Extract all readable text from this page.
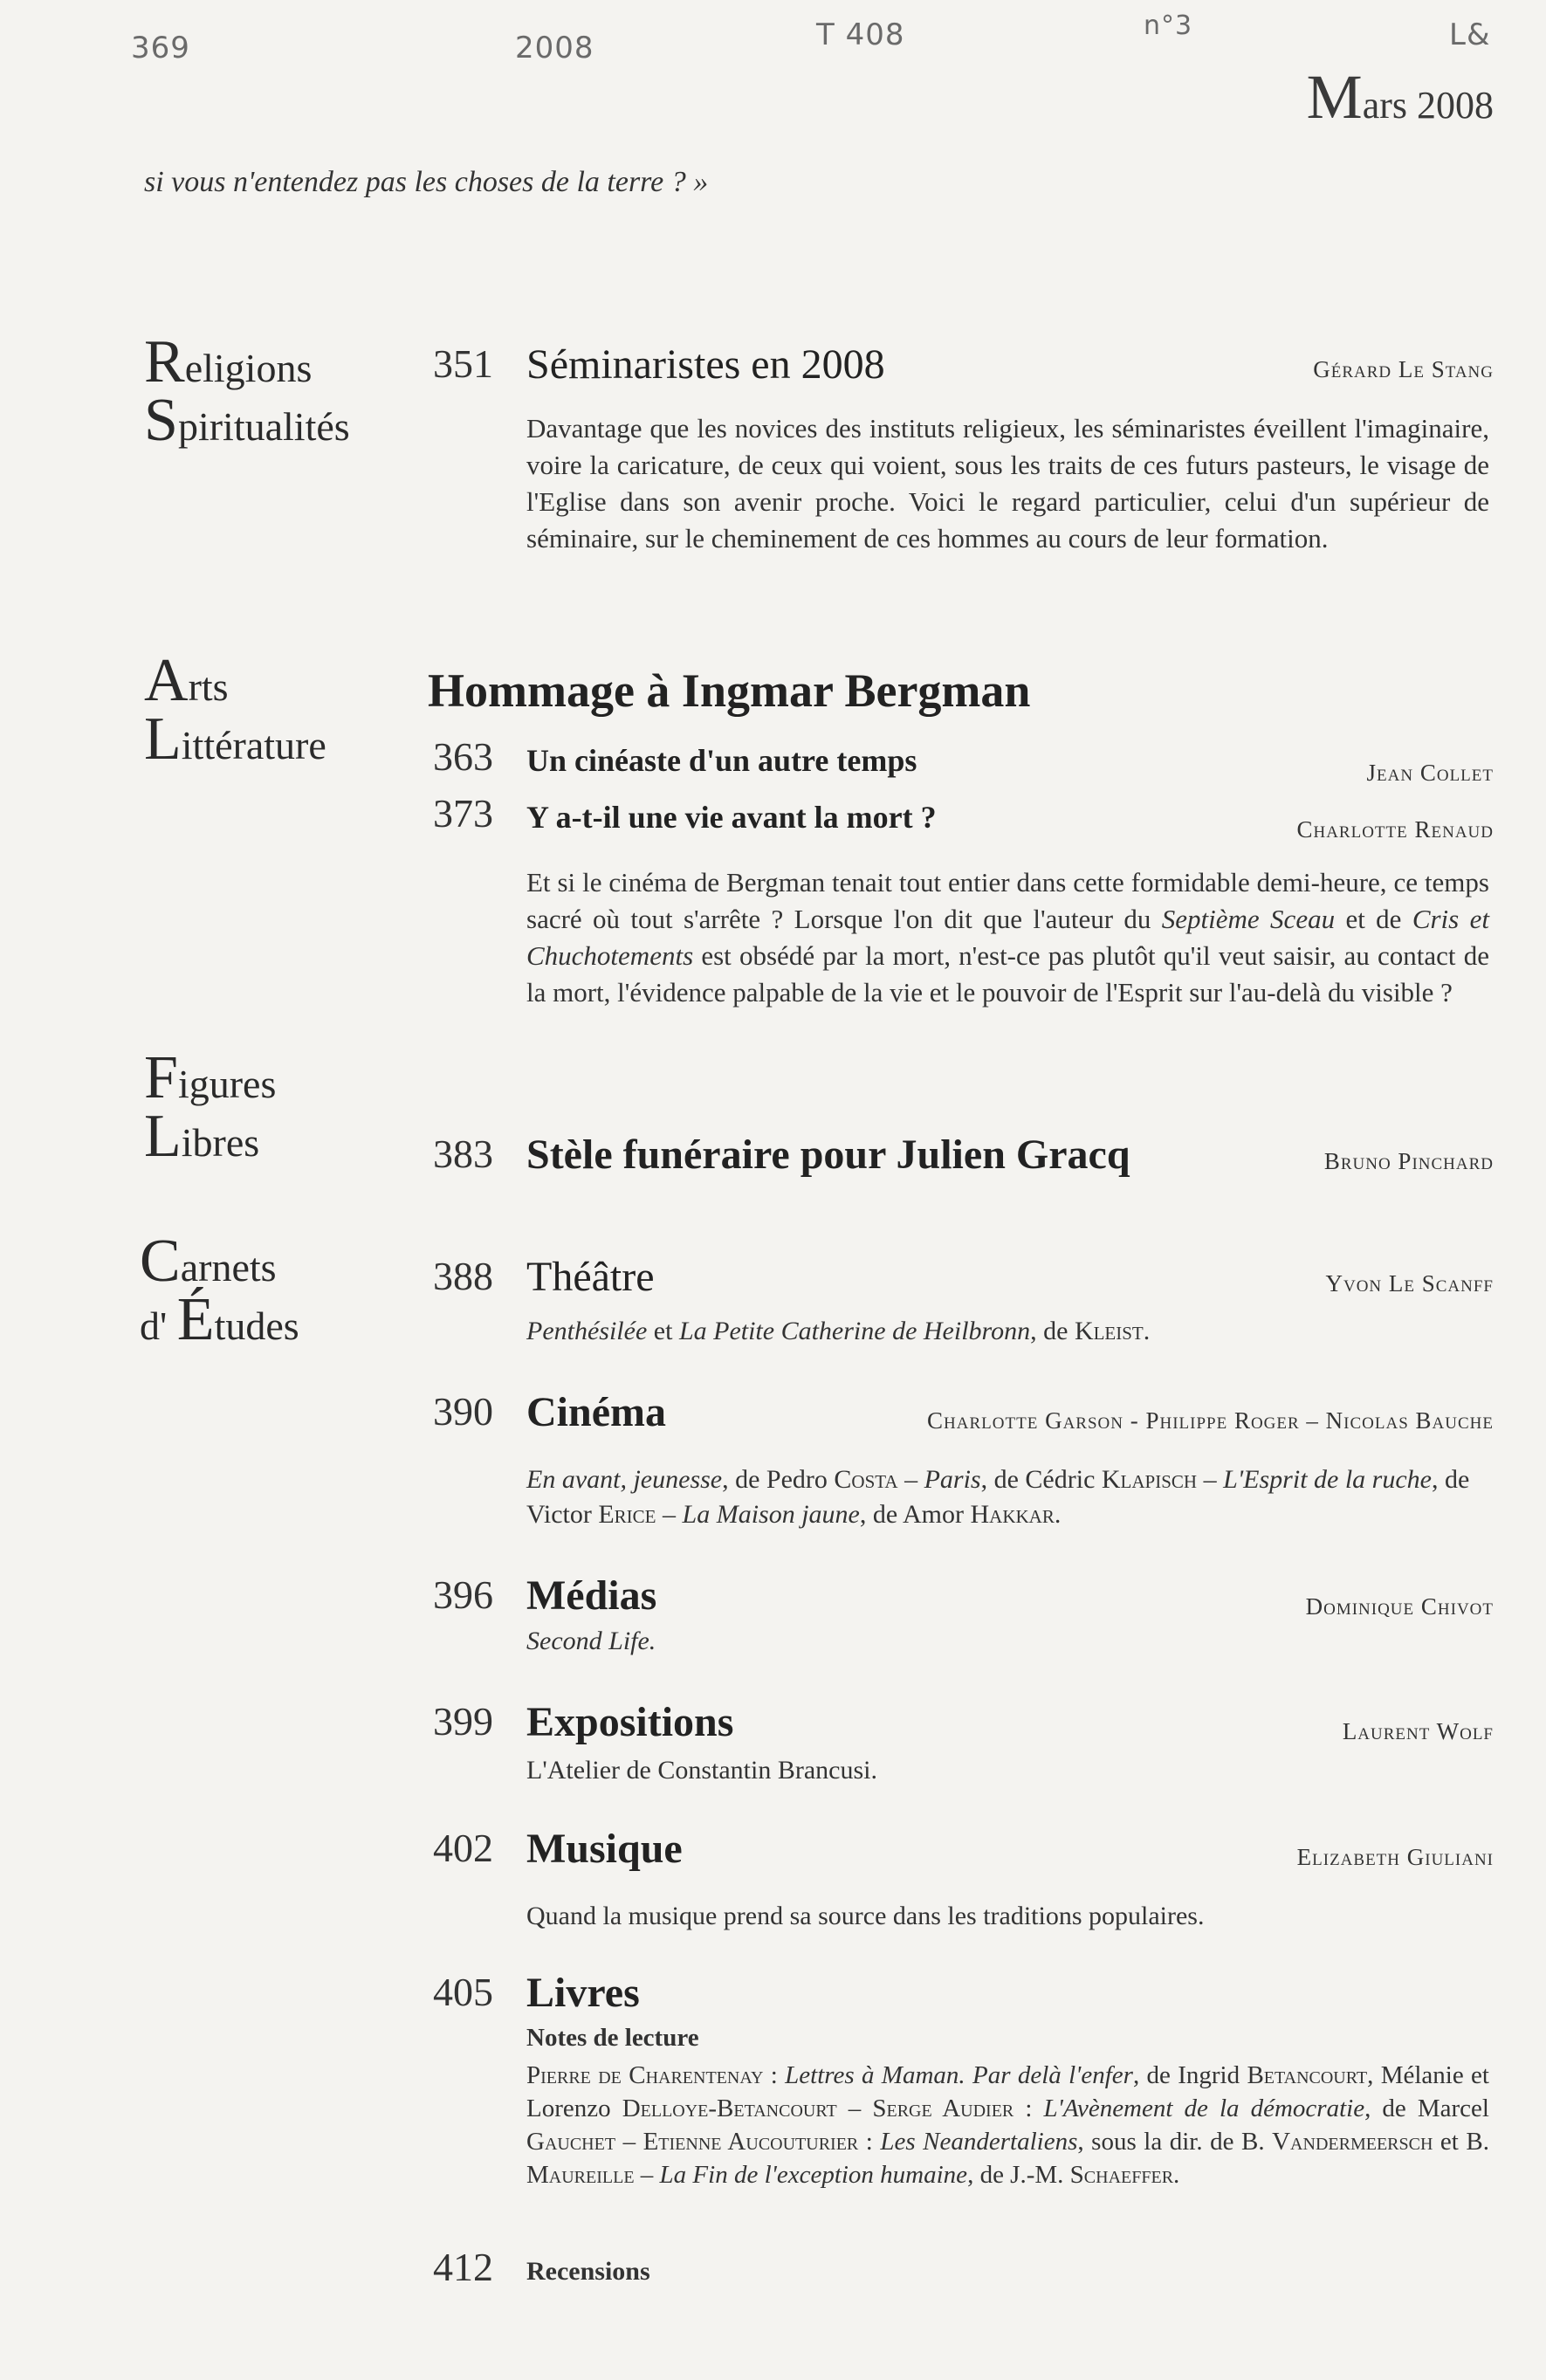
369	2008	T 408	n°3	L&
Mars 2008
si vous n'entendez pas les choses de la terre ? »
Religions
Spiritualités
Arts
Littérature
Figures
Libres
Carnets
d' Études
351 Séminaristes en 2008	Gérard Le Stang
Davantage que les novices des instituts religieux, les séminaristes éveillent l'imaginaire, voire la caricature, de ceux qui voient, sous les traits de ces futurs pasteurs, le visage de l'Eglise dans son avenir proche. Voici le regard particulier, celui d'un supérieur de séminaire, sur le cheminement de ces hommes au cours de leur formation.
Hommage à Ingmar Bergman
363 Un cinéaste d'un autre temps	Jean Collet
373 Y a-t-il une vie avant la mort ?	Charlotte Renaud
Et si le cinéma de Bergman tenait tout entier dans cette formidable demi-heure, ce temps sacré où tout s'arrête ? Lorsque l'on dit que l'auteur du Septième Sceau et de Cris et Chuchotements est obsédé par la mort, n'est-ce pas plutôt qu'il veut saisir, au contact de la mort, l'évidence palpable de la vie et le pouvoir de l'Esprit sur l'au-delà du visible ?
383 Stèle funéraire pour Julien Gracq	Bruno Pinchard
388 Théâtre	Yvon Le Scanff
Penthésilée et La Petite Catherine de Heilbronn, de Kleist.
390 Cinéma	Charlotte Garson - Philippe Roger – Nicolas Bauche
En avant, jeunesse, de Pedro Costa – Paris, de Cédric Klapisch – L'Esprit de la ruche, de Victor Erice – La Maison jaune, de Amor Hakkar.
396 Médias	Dominique Chivot
Second Life.
399 Expositions	Laurent Wolf
L'Atelier de Constantin Brancusi.
402 Musique	Elizabeth Giuliani
Quand la musique prend sa source dans les traditions populaires.
405 Livres
Notes de lecture
Pierre de Charentenay : Lettres à Maman. Par delà l'enfer, de Ingrid Betancourt, Mélanie et Lorenzo Delloye-Betancourt – Serge Audier : L'Avènement de la démocratie, de Marcel Gauchet – Etienne Aucouturier : Les Neandertaliens, sous la dir. de B. Vandermeersch et B. Maureille – La Fin de l'exception humaine, de J.-M. Schaeffer.
412 Recensions
